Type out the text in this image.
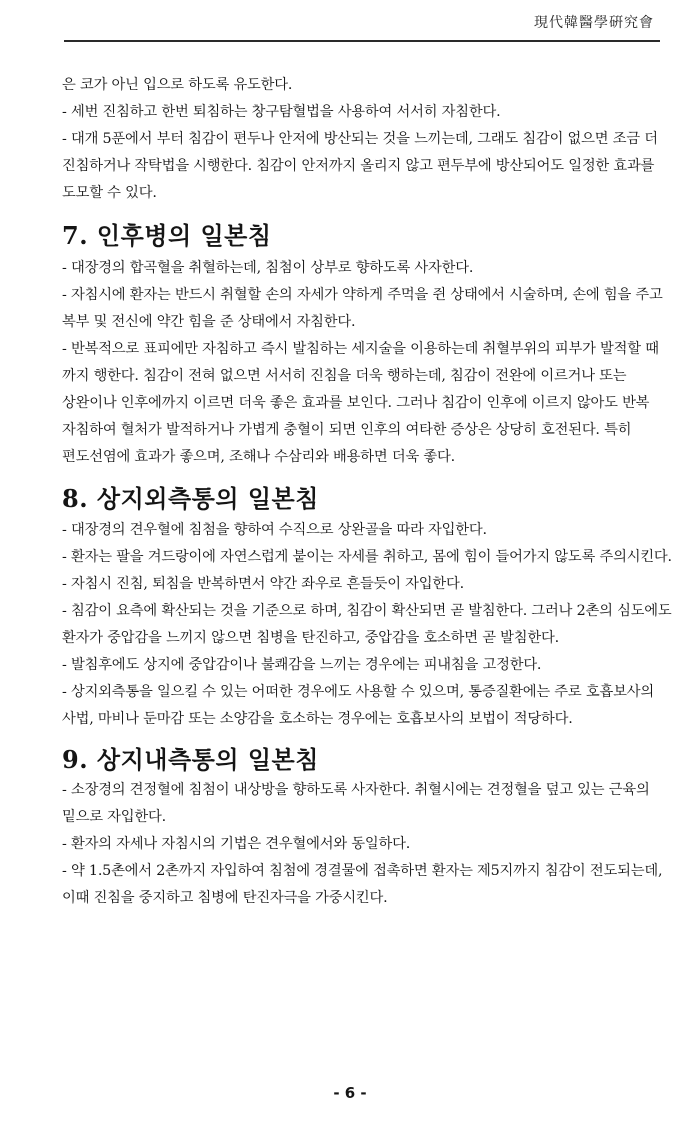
現代韓醫學硏究會

은 코가 아닌 입으로 하도록 유도한다.

- 세번 진침하고 한번 퇴침하는 창구탐혈법을 사용하여 서서히 자침한다.

- 대개 5푼에서 부터 침감이 편두나 안저에 방산되는 것을 느끼는데, 그래도 침감이 없으면 조금 더 진침하거나 작탁법을 시행한다. 침감이 안저까지 올리지 않고 편두부에 방산되어도 일정한 효과를 도모할 수 있다.

7. 인후병의 일본침

- 대장경의 합곡혈을 취혈하는데, 침첨이 상부로 향하도록 사자한다.

- 자침시에 환자는 반드시 취혈할 손의 자세가 약하게 주먹을 쥔 상태에서 시술하며, 손에 힘을 주고 복부 및 전신에 약간 힘을 준 상태에서 자침한다.

- 반복적으로 표피에만 자침하고 즉시 발침하는 세지술을 이용하는데 취혈부위의 피부가 발적할 때 까지 행한다. 침감이 전혀 없으면 서서히 진침을 더욱 행하는데, 침감이 전완에 이르거나 또는 상완이나 인후에까지 이르면 더욱 좋은 효과를 보인다. 그러나 침감이 인후에 이르지 않아도 반복 자침하여 혈처가 발적하거나 가볍게 충혈이 되면 인후의 여타한 증상은 상당히 호전된다. 특히 편도선염에 효과가 좋으며, 조해나 수삼리와 배용하면 더욱 좋다.

8. 상지외측통의 일본침

- 대장경의 견우혈에 침첨을 향하여 수직으로 상완골을 따라 자입한다.

- 환자는 팔을 겨드랑이에 자연스럽게 붙이는 자세를 취하고, 몸에 힘이 들어가지 않도록 주의시킨다.

- 자침시 진침, 퇴침을 반복하면서 약간 좌우로 흔들듯이 자입한다.

- 침감이 요측에 확산되는 것을 기준으로 하며, 침감이 확산되면 곧 발침한다. 그러나 2촌의 심도에도 환자가 중압감을 느끼지 않으면 침병을 탄진하고, 중압감을 호소하면 곧 발침한다.

- 발침후에도 상지에 중압감이나 불쾌감을 느끼는 경우에는 피내침을 고정한다.

- 상지외측통을 일으킬 수 있는 어떠한 경우에도 사용할 수 있으며, 통증질환에는 주로 호흡보사의 사법, 마비나 둔마감 또는 소양감을 호소하는 경우에는 호흡보사의 보법이 적당하다.

9. 상지내측통의 일본침

- 소장경의 견정혈에 침첨이 내상방을 향하도록 사자한다. 취혈시에는 견정혈을 덮고 있는 근육의 밑으로 자입한다.

- 환자의 자세나 자침시의 기법은 견우혈에서와 동일하다.

- 약 1.5촌에서 2촌까지 자입하여 침첨에 경결물에 접촉하면 환자는 제5지까지 침감이 전도되는데, 이때 진침을 중지하고 침병에 탄진자극을 가중시킨다.

- 6 -
